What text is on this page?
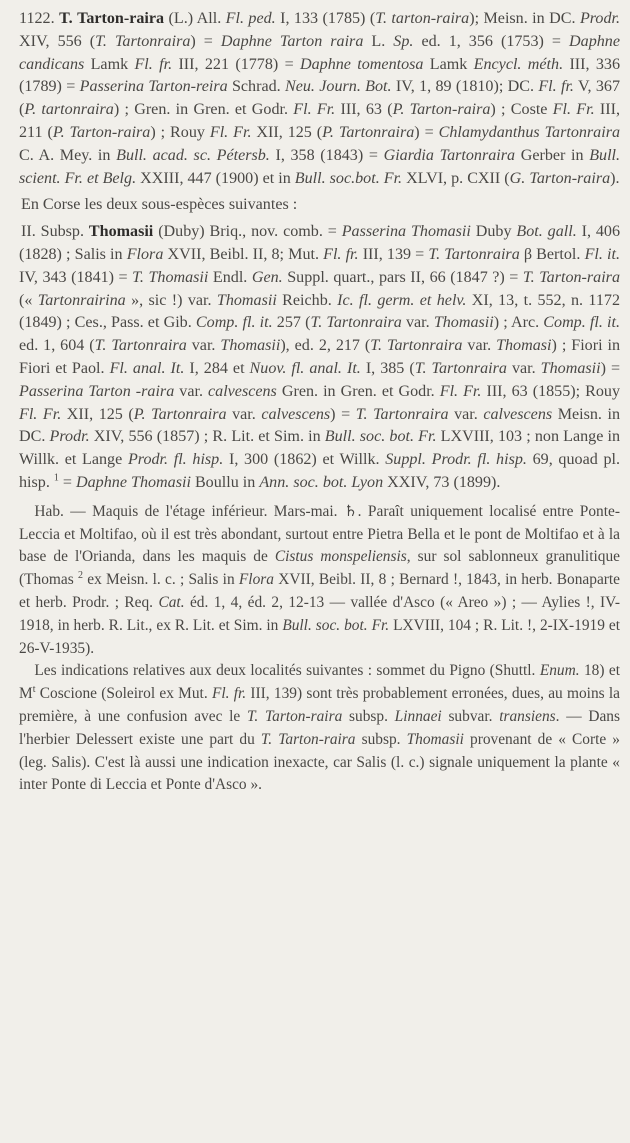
1122. T. Tarton-raira (L.) All. Fl. ped. I, 133 (1785) (T. tarton-raira); Meisn. in DC. Prodr. XIV, 556 (T. Tartonraira) = Daphne Tarton raira L. Sp. ed. 1, 356 (1753) = Daphne candicans Lamk Fl. fr. III, 221 (1778) = Daphne tomentosa Lamk Encycl. méth. III, 336 (1789) = Passerina Tarton-reira Schrad. Neu. Journ. Bot. IV, 1, 89 (1810); DC. Fl. fr. V, 367 (P. tartonraira) ; Gren. in Gren. et Godr. Fl. Fr. III, 63 (P. Tarton-raira) ; Coste Fl. Fr. III, 211 (P. Tarton-raira) ; Rouy Fl. Fr. XII, 125 (P. Tartonraira) = Chlamydanthus Tartonraira C. A. Mey. in Bull. acad. sc. Pétersb. I, 358 (1843) = Giardia Tartonraira Gerber in Bull. scient. Fr. et Belg. XXIII, 447 (1900) et in Bull. soc.bot. Fr. XLVI, p. CXII (G. Tarton-raira).

En Corse les deux sous-espèces suivantes :

II. Subsp. Thomasii (Duby) Briq., nov. comb. = Passerina Thomasii Duby Bot. gall. I, 406 (1828) ; Salis in Flora XVII, Beibl. II, 8; Mut. Fl. fr. III, 139 = T. Tartonraira β Bertol. Fl. it. IV, 343 (1841) = T. Thomasii Endl. Gen. Suppl. quart., pars II, 66 (1847 ?) = T. Tarton-raira (« Tartonrairina », sic !) var. Thomasii Reichb. Ic. fl. germ. et helv. XI, 13, t. 552, n. 1172 (1849) ; Ces., Pass. et Gib. Comp. fl. it. 257 (T. Tartonraira var. Thomasii) ; Arc. Comp. fl. it. ed. 1, 604 (T. Tartonraira var. Thomasii), ed. 2, 217 (T. Tartonraira var. Thomasi) ; Fiori in Fiori et Paol. Fl. anal. It. I, 284 et Nuov. fl. anal. It. I, 385 (T. Tartonraira var. Thomasii) = Passerina Tarton -raira var. calvescens Gren. in Gren. et Godr. Fl. Fr. III, 63 (1855); Rouy Fl. Fr. XII, 125 (P. Tartonraira var. calvescens) = T. Tartonraira var. calvescens Meisn. in DC. Prodr. XIV, 556 (1857) ; R. Lit. et Sim. in Bull. soc. bot. Fr. LXVIII, 103 ; non Lange in Willk. et Lange Prodr. fl. hisp. I, 300 (1862) et Willk. Suppl. Prodr. fl. hisp. 69, quoad pl. hisp. $^1$ = Daphne Thomasii Boullu in Ann. soc. bot. Lyon XXIV, 73 (1899).

 Hab. — Maquis de l'étage inférieur. Mars-mai. ♄. Paraît uniquement localisé entre Ponte-Leccia et Moltifao, où il est très abondant, surtout entre Pietra Bella et le pont de Moltifao et à la base de l'Orianda, dans les maquis de Cistus monspeliensis, sur sol sablonneux granulitique (Thomas $^2$ ex Meisn. l. c. ; Salis in Flora XVII, Beibl. II, 8 ; Bernard !, 1843, in herb. Bonaparte et herb. Prodr. ; Req. Cat. éd. 1, 4, éd. 2, 12-13 — vallée d'Asco (« Areo ») ; — Aylies !, IV-1918, in herb. R. Lit., ex R. Lit. et Sim. in Bull. soc. bot. Fr. LXVIII, 104 ; R. Lit. !, 2-IX-1919 et 26-V-1935).

 Les indications relatives aux deux localités suivantes : sommet du Pigno (Shuttl. Enum. 18) et $M^t$ Coscione (Soleirol ex Mut. Fl. fr. III, 139) sont très probablement erronées, dues, au moins la première, à une confusion avec le T. Tarton-raira subsp. Linnaei subvar. transiens. — Dans l'herbier Delessert existe une part du T. Tarton-raira subsp. Thomasii provenant de « Corte » (leg. Salis). C'est là aussi une indication inexacte, car Salis (l. c.) signale uniquement la plante « inter Ponte di Leccia et Ponte d'Asco ».
